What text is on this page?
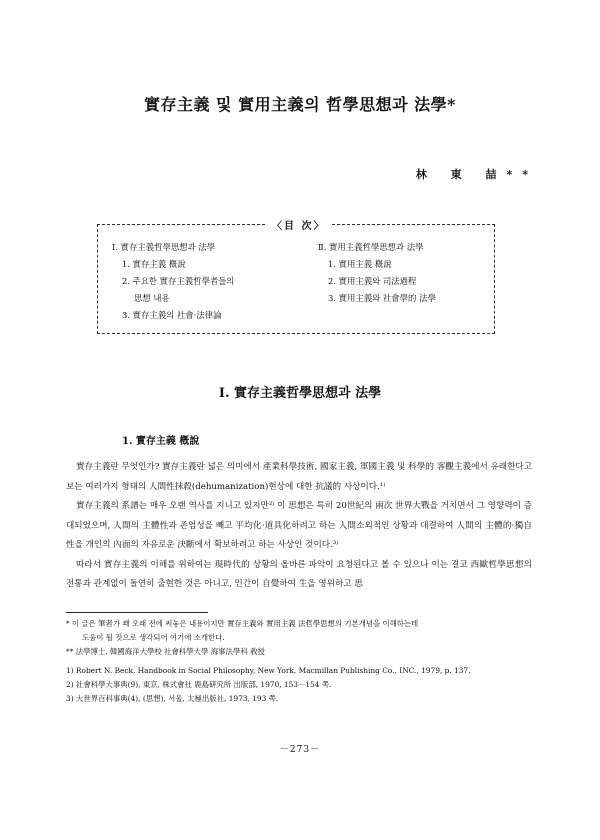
實存主義 및 實用主義의 哲學思想과 法學*
林 東 喆**
〈目 次〉
Ⅰ. 實存主義哲學思想과 法學
1. 實存主義 槪說
2. 주요한 實存主義哲學者들의
思想 내용
3. 實存主義의 社會·法律論
Ⅱ. 實用主義哲學思想과 法學
1. 實用主義 槪說
2. 實用主義와 司法過程
3. 實用主義와 社會學的 法學
Ⅰ. 實存主義哲學思想과 法學
1. 實存主義 槪說

實存主義란 무엇인가? 實存主義란 넓은 의미에서 產業科學技術, 國家主義, 軍國主義 및 科學的 客觀主義에서 유래한다고 보는 여러가지 형태의 人間性抹殺(dehumanization)현상에 대한 抗議的 사상이다.¹⁾

實存主義의 系譜는 매우 오랜 역사를 지니고 있지만²⁾ 이 思想은 특히 20世紀의 兩次 世界大戰을 거치면서 그 영향력이 증대되었으며, 人間의 主體性과 존엄성을 빼고 平均化·道具化하려고 하는 人間소외적인 상황과 대결하여 人間의 主體的·獨自性을 개인의 內面의 자유로운 決斷에서 확보하려고 하는 사상인 것이다.³⁾

따라서 實存主義의 이해를 위하여는 現時代的 상황의 올바른 파악이 요청된다고 볼 수 있으나 이는 결코 西歐哲學思想의 전통과 관계없이 돌연히 출현한 것은 아니고, 인간이 自覺하여 生을 영위하고 思

* 이 글은 筆者가 꽤 오래 전에 써놓은 내용이지만 實存主義와 實用主義 法哲學思想의 기본개념을 이해하는데
도움이 될 것으로 생각되어 여기에 소개한다.
** 法學博士, 韓國海洋大學校 社會科學大學 海事法學科 敎授
1) Robert N. Beck, Handbook in Social Philosophy, New York, Macmillan Publishing Co., INC., 1979, p. 137.
2) 社會科學大事典(9), 東京, 株式會社 鹿島研究所 出版部, 1970, 153－154 쪽.
3) 大世界百科事典(4), (思想), 서울, 太極出版社, 1973, 193 쪽.
－273－
